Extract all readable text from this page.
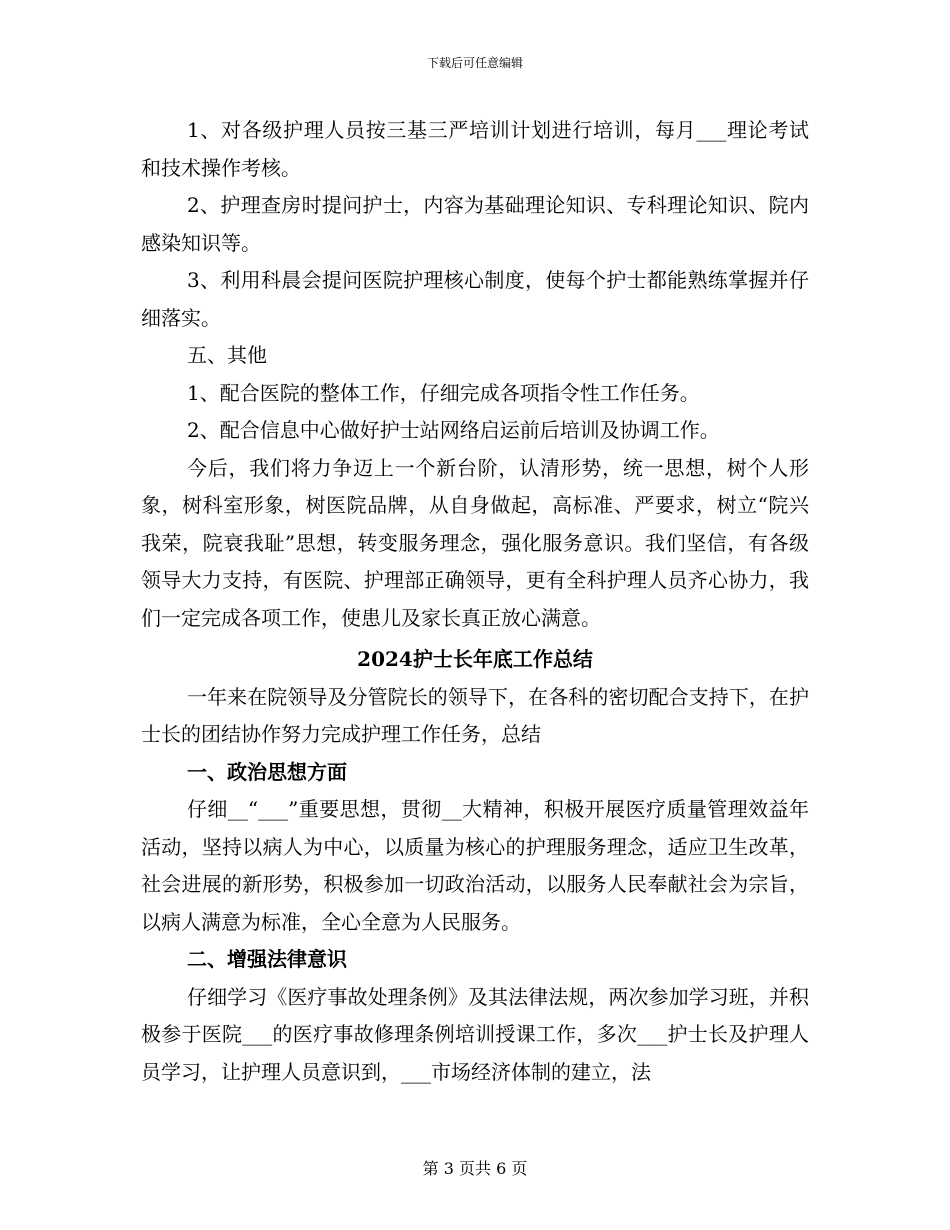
下载后可任意编辑

1、对各级护理人员按三基三严培训计划进行培训，每月___理论考试和技术操作考核。

2、护理查房时提问护士，内容为基础理论知识、专科理论知识、院内感染知识等。

3、利用科晨会提问医院护理核心制度，使每个护士都能熟练掌握并仔细落实。

五、其他

1、配合医院的整体工作，仔细完成各项指令性工作任务。

2、配合信息中心做好护士站网络启运前后培训及协调工作。

今后，我们将力争迈上一个新台阶，认清形势，统一思想，树个人形象，树科室形象，树医院品牌，从自身做起，高标准、严要求，树立“院兴我荣，院衰我耻”思想，转变服务理念，强化服务意识。我们坚信，有各级领导大力支持，有医院、护理部正确领导，更有全科护理人员齐心协力，我们一定完成各项工作，使患儿及家长真正放心满意。

2024护士长年底工作总结

一年来在院领导及分管院长的领导下，在各科的密切配合支持下，在护士长的团结协作努力完成护理工作任务，总结

一、政治思想方面

仔细__“___”重要思想，贯彻__大精神，积极开展医疗质量管理效益年活动，坚持以病人为中心，以质量为核心的护理服务理念，适应卫生改革，社会进展的新形势，积极参加一切政治活动，以服务人民奉献社会为宗旨，以病人满意为标准，全心全意为人民服务。

二、增强法律意识

仔细学习《医疗事故处理条例》及其法律法规，两次参加学习班，并积极参于医院___的医疗事故修理条例培训授课工作，多次___护士长及护理人员学习，让护理人员意识到，___市场经济体制的建立，法

第 3 页共 6 页
